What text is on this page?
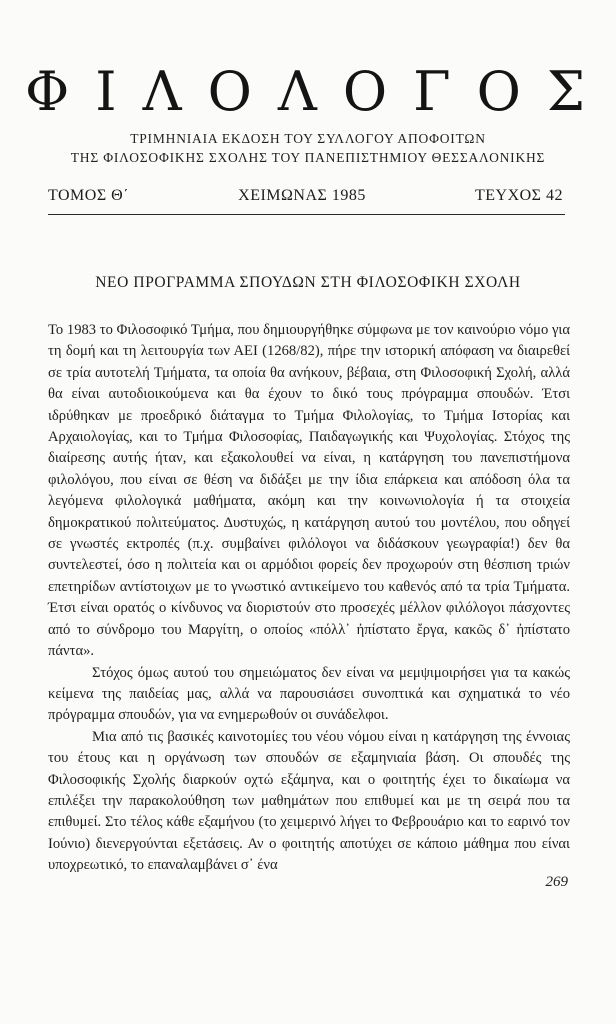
ΦΙΛΟΛΟΓΟΣ
ΤΡΙΜΗΝΙΑΙΑ ΕΚΔΟΣΗ ΤΟΥ ΣΥΛΛΟΓΟΥ ΑΠΟΦΟΙΤΩΝ
ΤΗΣ ΦΙΛΟΣΟΦΙΚΗΣ ΣΧΟΛΗΣ ΤΟΥ ΠΑΝΕΠΙΣΤΗΜΙΟΥ ΘΕΣΣΑΛΟΝΙΚΗΣ
ΤΟΜΟΣ Θ΄	ΧΕΙΜΩΝΑΣ 1985	ΤΕΥΧΟΣ 42
ΝΕΟ ΠΡΟΓΡΑΜΜΑ ΣΠΟΥΔΩΝ ΣΤΗ ΦΙΛΟΣΟΦΙΚΗ ΣΧΟΛΗ

Το 1983 το Φιλοσοφικό Τμήμα, που δημιουργήθηκε σύμφωνα με τον καινούριο νόμο για τη δομή και τη λειτουργία των ΑΕΙ (1268/82), πήρε την ιστορική απόφαση να διαιρεθεί σε τρία αυτοτελή Τμήματα, τα οποία θα ανήκουν, βέβαια, στη Φιλοσοφική Σχολή, αλλά θα είναι αυτοδιοικούμενα και θα έχουν το δικό τους πρόγραμμα σπουδών. Έτσι ιδρύθηκαν με προεδρικό διάταγμα το Τμήμα Φιλολογίας, το Τμήμα Ιστορίας και Αρχαιολογίας, και το Τμήμα Φιλοσοφίας, Παιδαγωγικής και Ψυχολογίας. Στόχος της διαίρεσης αυτής ήταν, και εξακολουθεί να είναι, η κατάργηση του πανεπιστήμονα φιλολόγου, που είναι σε θέση να διδάξει με την ίδια επάρκεια και απόδοση όλα τα λεγόμενα φιλολογικά μαθήματα, ακόμη και την κοινωνιολογία ή τα στοιχεία δημοκρατικού πολιτεύματος. Δυστυχώς, η κατάργηση αυτού του μοντέλου, που οδηγεί σε γνωστές εκτροπές (π.χ. συμβαίνει φιλόλογοι να διδάσκουν γεωγραφία!) δεν θα συντελεστεί, όσο η πολιτεία και οι αρμόδιοι φορείς δεν προχωρούν στη θέσπιση τριών επετηρίδων αντίστοιχων με το γνωστικό αντικείμενο του καθενός από τα τρία Τμήματα. Έτσι είναι ορατός ο κίνδυνος να διοριστούν στο προσεχές μέλλον φιλόλογοι πάσχοντες από το σύνδρομο του Μαργίτη, ο οποίος «πόλλ᾽ ἠπίστατο ἔργα, κακῶς δ᾽ ἠπίστατο πάντα».

Στόχος όμως αυτού του σημειώματος δεν είναι να μεμψιμοιρήσει για τα κακώς κείμενα της παιδείας μας, αλλά να παρουσιάσει συνοπτικά και σχηματικά το νέο πρόγραμμα σπουδών, για να ενημερωθούν οι συνάδελφοι.

Μια από τις βασικές καινοτομίες του νέου νόμου είναι η κατάργηση της έννοιας του έτους και η οργάνωση των σπουδών σε εξαμηνιαία βάση. Οι σπουδές της Φιλοσοφικής Σχολής διαρκούν οχτώ εξάμηνα, και ο φοιτητής έχει το δικαίωμα να επιλέξει την παρακολούθηση των μαθημάτων που επιθυμεί και με τη σειρά που τα επιθυμεί. Στο τέλος κάθε εξαμήνου (το χειμερινό λήγει το Φεβρουάριο και το εαρινό τον Ιούνιο) διενεργούνται εξετάσεις. Αν ο φοιτητής αποτύχει σε κάποιο μάθημα που είναι υποχρεωτικό, το επαναλαμβάνει σ᾽ ένα

269
